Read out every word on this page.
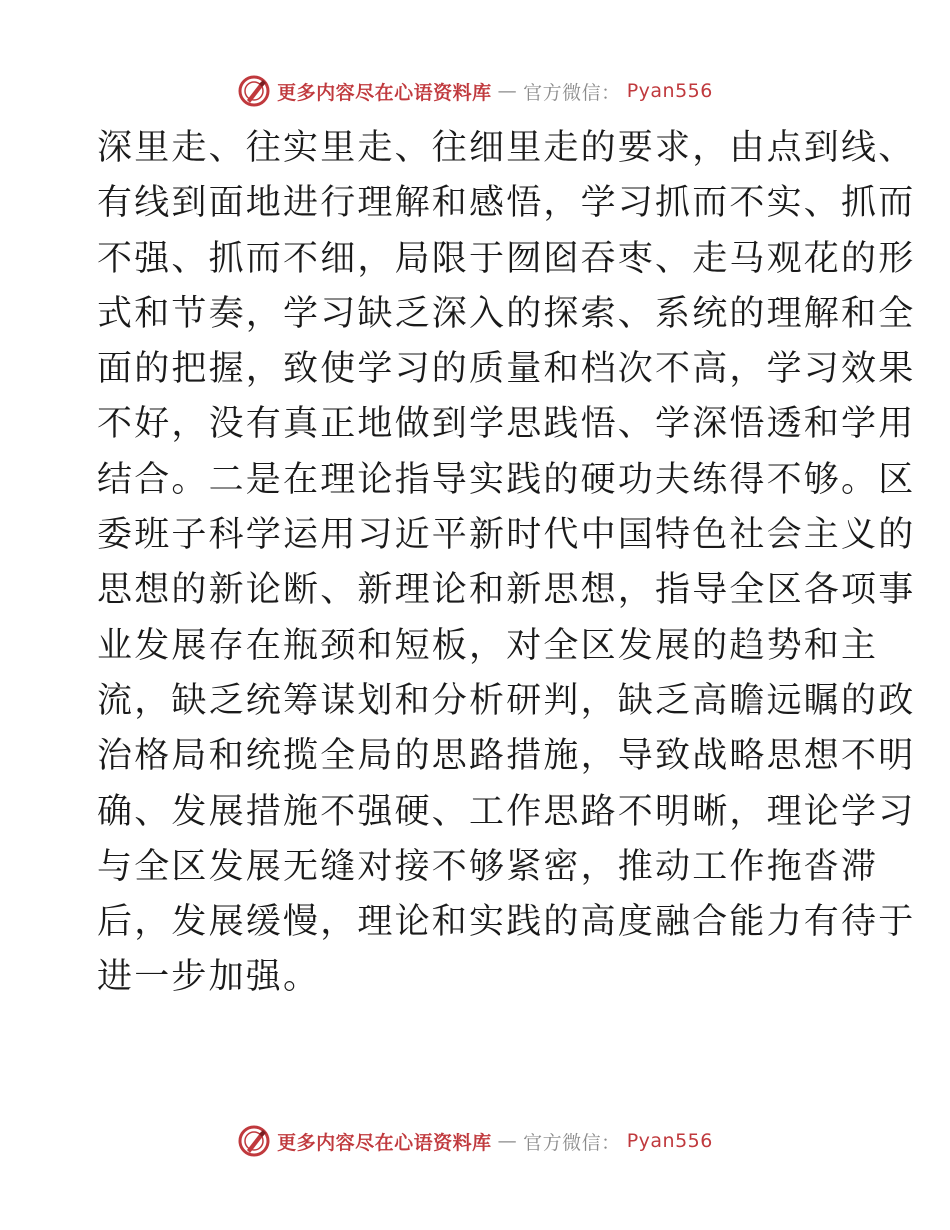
更多内容尽在心语资料库 — 官方微信： Pyan556
深里走、往实里走、往细里走的要求，由点到线、
有线到面地进行理解和感悟，学习抓而不实、抓而
不强、抓而不细，局限于囫囵吞枣、走马观花的形
式和节奏，学习缺乏深入的探索、系统的理解和全
面的把握，致使学习的质量和档次不高，学习效果
不好，没有真正地做到学思践悟、学深悟透和学用
结合。二是在理论指导实践的硬功夫练得不够。区
委班子科学运用习近平新时代中国特色社会主义的
思想的新论断、新理论和新思想，指导全区各项事
业发展存在瓶颈和短板，对全区发展的趋势和主
流，缺乏统筹谋划和分析研判，缺乏高瞻远瞩的政
治格局和统揽全局的思路措施，导致战略思想不明
确、发展措施不强硬、工作思路不明晰，理论学习
与全区发展无缝对接不够紧密，推动工作拖沓滞
后，发展缓慢，理论和实践的高度融合能力有待于
进一步加强。
更多内容尽在心语资料库 — 官方微信： Pyan556
